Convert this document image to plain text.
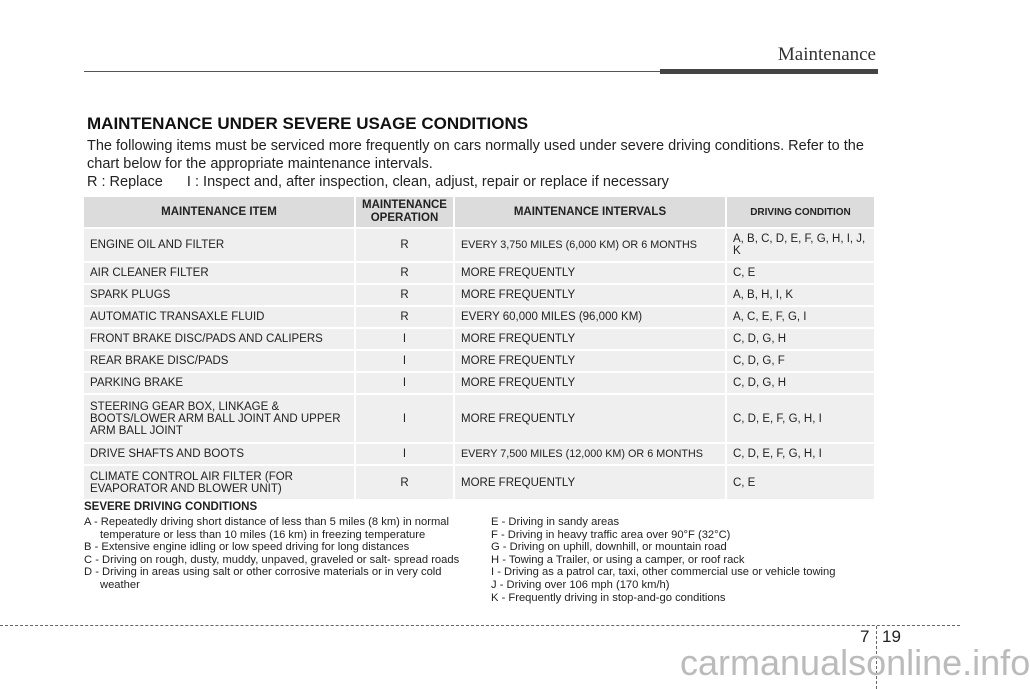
Maintenance
MAINTENANCE UNDER SEVERE USAGE CONDITIONS
The following items must be serviced more frequently on cars normally used under severe driving conditions. Refer to the chart below for the appropriate maintenance intervals.
R : Replace      I : Inspect and, after inspection, clean, adjust, repair or replace if necessary
MAINTENANCE ITEM	MAINTENANCE OPERATION	MAINTENANCE INTERVALS	DRIVING CONDITION
ENGINE OIL AND FILTER	R	EVERY 3,750 MILES (6,000 KM) OR 6 MONTHS	A, B, C, D, E, F, G, H, I, J, K
AIR CLEANER FILTER	R	MORE FREQUENTLY	C, E
SPARK PLUGS	R	MORE FREQUENTLY	A, B, H, I, K
AUTOMATIC TRANSAXLE FLUID	R	EVERY 60,000 MILES (96,000 KM)	A, C, E, F, G, I
FRONT BRAKE DISC/PADS AND CALIPERS	I	MORE FREQUENTLY	C, D, G, H
REAR BRAKE DISC/PADS	I	MORE FREQUENTLY	C, D, G, F
PARKING BRAKE	I	MORE FREQUENTLY	C, D, G, H
STEERING GEAR BOX, LINKAGE & BOOTS/LOWER ARM BALL JOINT AND UPPER ARM BALL JOINT	I	MORE FREQUENTLY	C, D, E, F, G, H, I
DRIVE SHAFTS AND BOOTS	I	EVERY 7,500 MILES (12,000 KM) OR 6 MONTHS	C, D, E, F, G, H, I
CLIMATE CONTROL AIR FILTER (FOR EVAPORATOR AND BLOWER UNIT)	R	MORE FREQUENTLY	C, E
SEVERE DRIVING CONDITIONS
A - Repeatedly driving short distance of less than 5 miles (8 km) in normal temperature or less than 10 miles (16 km) in freezing temperature
B - Extensive engine idling or low speed driving for long distances
C - Driving on rough, dusty, muddy, unpaved, graveled or salt- spread roads
D - Driving in areas using salt or other corrosive materials or in very cold weather
E - Driving in sandy areas
F - Driving in heavy traffic area over 90°F (32°C)
G - Driving on uphill, downhill, or mountain road
H - Towing a Trailer, or using a camper, or roof rack
I - Driving as a patrol car, taxi, other commercial use or vehicle towing
J - Driving over 106 mph (170 km/h)
K - Frequently driving in stop-and-go conditions
7 19
carmanualsonline.info
